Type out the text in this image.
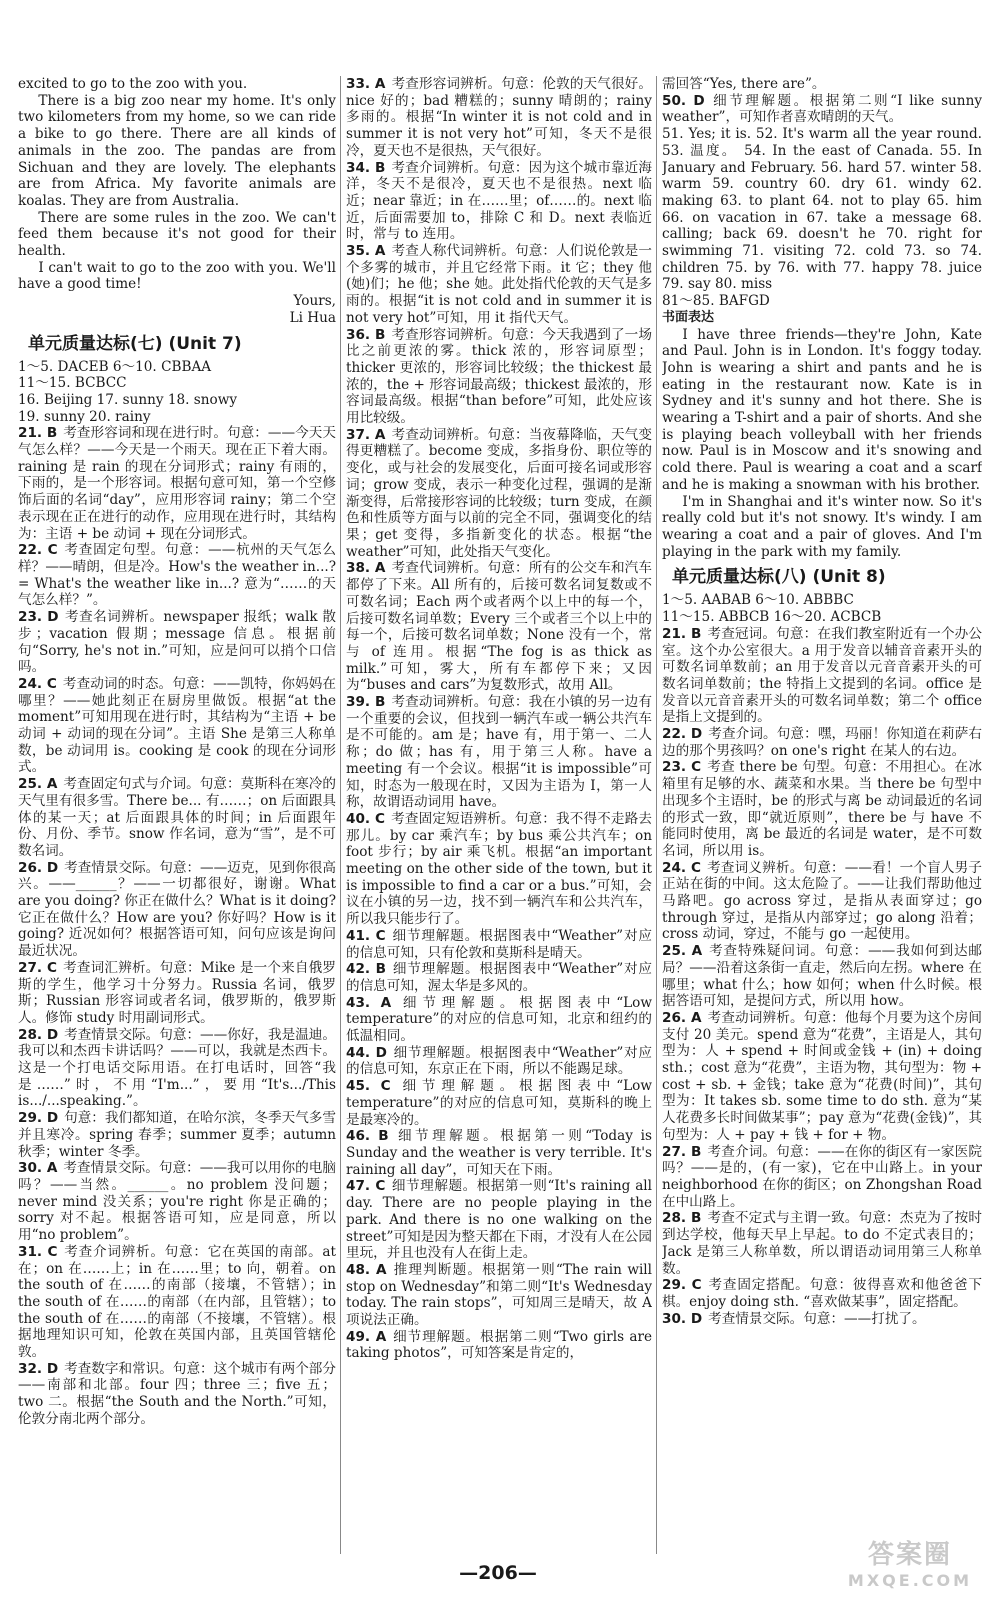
excited to go to the zoo with you.

There is a big zoo near my home. It's only two kilometers from my home, so we can ride a bike to go there. There are all kinds of animals in the zoo. The pandas are from Sichuan and they are lovely. The elephants are from Africa. My favorite animals are koalas. They are from Australia.

There are some rules in the zoo. We can't feed them because it's not good for their health.

I can't wait to go to the zoo with you. We'll have a good time!

Yours,

Li Hua

单元质量达标(七) (Unit 7)

1～5. DACEB 6～10. CBBAA

11～15. BCBCC

16. Beijing 17. sunny 18. snowy

19. sunny 20. rainy

21. B 考查形容词和现在进行时。句意：——今天天气怎么样？——今天是一个雨天。现在正下着大雨。raining 是 rain 的现在分词形式；rainy 有雨的，下雨的，是一个形容词。根据句意可知，第一个空修饰后面的名词“day”，应用形容词 rainy；第二个空表示现在正在进行的动作，应用现在进行时，其结构为：主语 + be 动词 + 现在分词形式。

22. C 考查固定句型。句意：——杭州的天气怎么样？——晴朗，但是冷。How's the weather in...? = What's the weather like in...? 意为“……的天气怎么样？”。

23. D 考查名词辨析。newspaper 报纸；walk 散步；vacation 假期；message 信息。根据前句“Sorry, he's not in.”可知，应是问可以捎个口信吗。

24. C 考查动词的时态。句意：——凯特，你妈妈在哪里？——她此刻正在厨房里做饭。根据“at the moment”可知用现在进行时，其结构为“主语 + be 动词 + 动词的现在分词”。主语 She 是第三人称单数，be 动词用 is。cooking 是 cook 的现在分词形式。

25. A 考查固定句式与介词。句意：莫斯科在寒冷的天气里有很多雪。There be... 有……；on 后面跟具体的某一天；at 后面跟具体的时间；in 后面跟年份、月份、季节。snow 作名词，意为“雪”，是不可数名词。

26. D 考查情景交际。句意：——迈克，见到你很高兴。——______？——一切都很好，谢谢。What are you doing? 你正在做什么？What is it doing? 它正在做什么？How are you? 你好吗？How is it going? 近况如何？根据答语可知，问句应该是询问最近状况。

27. C 考查词汇辨析。句意：Mike 是一个来自俄罗斯的学生，他学习十分努力。Russia 名词，俄罗斯；Russian 形容词或者名词，俄罗斯的，俄罗斯人。修饰 study 时用副词形式。

28. D 考查情景交际。句意：——你好，我是温迪。我可以和杰西卡讲话吗？——可以，我就是杰西卡。这是一个打电话交际用语。在打电话时，回答“我是……”时，不用“I'm...”，要用“It's.../This is.../...speaking.”。

29. D 句意：我们都知道，在哈尔滨，冬季天气多雪并且寒冷。spring 春季；summer 夏季；autumn 秋季；winter 冬季。

30. A 考查情景交际。句意：——我可以用你的电脑吗？——当然。______。no problem 没问题；never mind 没关系；you're right 你是正确的；sorry 对不起。根据答语可知，应是同意，所以用“no problem”。

31. C 考查介词辨析。句意：它在英国的南部。at 在；on 在……上；in 在……里；to 向，朝着。on the south of 在……的南部（接壤，不管辖）；in the south of 在……的南部（在内部，且管辖）；to the south of 在……的南部（不接壤，不管辖）。根据地理知识可知，伦敦在英国内部，且英国管辖伦敦。

32. D 考查数字和常识。句意：这个城市有两个部分——南部和北部。four 四；three 三；five 五；two 二。根据“the South and the North.”可知，伦敦分南北两个部分。

33. A 考查形容词辨析。句意：伦敦的天气很好。nice 好的；bad 糟糕的；sunny 晴朗的；rainy 多雨的。根据“In winter it is not cold and in summer it is not very hot”可知，冬天不是很冷，夏天也不是很热，天气很好。

34. B 考查介词辨析。句意：因为这个城市靠近海洋，冬天不是很冷，夏天也不是很热。next 临近；near 靠近；in 在……里；of……的。next 临近，后面需要加 to，排除 C 和 D。next 表临近时，常与 to 连用。

35. A 考查人称代词辨析。句意：人们说伦敦是一个多雾的城市，并且它经常下雨。it 它；they 他(她)们；he 他；she 她。此处指代伦敦的天气是多雨的。根据“it is not cold and in summer it is not very hot”可知，用 it 指代天气。

36. B 考查形容词辨析。句意：今天我遇到了一场比之前更浓的雾。thick 浓的，形容词原型；thicker 更浓的，形容词比较级；the thickest 最浓的，the + 形容词最高级；thickest 最浓的，形容词最高级。根据“than before”可知，此处应该用比较级。

37. A 考查动词辨析。句意：当夜幕降临，天气变得更糟糕了。become 变成，多指身份、职位等的变化，或与社会的发展变化，后面可接名词或形容词；grow 变成，表示一种变化过程，强调的是渐渐变得，后常接形容词的比较级；turn 变成，在颜色和性质等方面与以前的完全不同，强调变化的结果；get 变得，多指新变化的状态。根据“the weather”可知，此处指天气变化。

38. A 考查代词辨析。句意：所有的公交车和汽车都停了下来。All 所有的，后接可数名词复数或不可数名词；Each 两个或者两个以上中的每一个，后接可数名词单数；Every 三个或者三个以上中的每一个，后接可数名词单数；None 没有一个，常与 of 连用。根据“The fog is as thick as milk.”可知，雾大，所有车都停下来；又因为“buses and cars”为复数形式，故用 All。

39. B 考查动词辨析。句意：我在小镇的另一边有一个重要的会议，但找到一辆汽车或一辆公共汽车是不可能的。am 是；have 有，用于第一、二人称；do 做；has 有，用于第三人称。have a meeting 有一个会议。根据“it is impossible”可知，时态为一般现在时，又因为主语为 I，第一人称，故谓语动词用 have。

40. C 考查固定短语辨析。句意：我不得不走路去那儿。by car 乘汽车；by bus 乘公共汽车；on foot 步行；by air 乘飞机。根据“an important meeting on the other side of the town, but it is impossible to find a car or a bus.”可知，会议在小镇的另一边，找不到一辆汽车和公共汽车，所以我只能步行了。

41. C 细节理解题。根据图表中“Weather”对应的信息可知，只有伦敦和莫斯科是晴天。

42. B 细节理解题。根据图表中“Weather”对应的信息可知，渥太华是多风的。

43. A 细节理解题。根据图表中“Low temperature”的对应的信息可知，北京和纽约的低温相同。

44. D 细节理解题。根据图表中“Weather”对应的信息可知，东京正在下雨，所以不能踢足球。

45. C 细节理解题。根据图表中“Low temperature”的对应的信息可知，莫斯科的晚上是最寒冷的。

46. B 细节理解题。根据第一则“Today is Sunday and the weather is very terrible. It's raining all day”，可知天在下雨。

47. C 细节理解题。根据第一则“It's raining all day. There are no people playing in the park. And there is no one walking on the street”可知是因为整天都在下雨，才没有人在公园里玩，并且也没有人在街上走。

48. A 推理判断题。根据第一则“The rain will stop on Wednesday”和第二则“It's Wednesday today. The rain stops”，可知周三是晴天，故 A 项说法正确。

49. A 细节理解题。根据第二则“Two girls are taking photos”，可知答案是肯定的，

需回答“Yes, there are”。

50. D 细节理解题。根据第二则“I like sunny weather”，可知作者喜欢晴朗的天气。

51. Yes; it is. 52. It's warm all the year round. 53. 温度。 54. In the east of Canada. 55. In January and February. 56. hard 57. winter 58. warm 59. country 60. dry 61. windy 62. making 63. to plant 64. not to play 65. him 66. on vacation in 67. take a message 68. calling; back 69. doesn't he 70. right for swimming 71. visiting 72. cold 73. so 74. children 75. by 76. with 77. happy 78. juice 79. say 80. miss

81～85. BAFGD

书面表达

I have three friends—they're John, Kate and Paul. John is in London. It's foggy today. John is wearing a shirt and pants and he is eating in the restaurant now. Kate is in Sydney and it's sunny and hot there. She is wearing a T-shirt and a pair of shorts. And she is playing beach volleyball with her friends now. Paul is in Moscow and it's snowing and cold there. Paul is wearing a coat and a scarf and he is making a snowman with his brother.

I'm in Shanghai and it's winter now. So it's really cold but it's not snowy. It's windy. I am wearing a coat and a pair of gloves. And I'm playing in the park with my family.

单元质量达标(八) (Unit 8)

1～5. AABAB 6～10. ABBBC

11～15. ABBCB 16～20. ACBCB

21. B 考查冠词。句意：在我们教室附近有一个办公室。这个办公室很大。a 用于发音以辅音音素开头的可数名词单数前；an 用于发音以元音音素开头的可数名词单数前；the 特指上文提到的名词。office 是发音以元音音素开头的可数名词单数；第二个 office 是指上文提到的。

22. D 考查介词。句意：嘿，玛丽！你知道在莉萨右边的那个男孩吗？on one's right 在某人的右边。

23. C 考查 there be 句型。句意：不用担心。在冰箱里有足够的水、蔬菜和水果。当 there be 句型中出现多个主语时，be 的形式与离 be 动词最近的名词的形式一致，即“就近原则”，there be 与 have 不能同时使用，离 be 最近的名词是 water，是不可数名词，所以用 is。

24. C 考查词义辨析。句意：——看！一个盲人男子正站在街的中间。这太危险了。——让我们帮助他过马路吧。go across 穿过，是指从表面穿过；go through 穿过，是指从内部穿过；go along 沿着；cross 动词，穿过，不能与 go 一起使用。

25. A 考查特殊疑问词。句意：——我如何到达邮局？——沿着这条街一直走，然后向左拐。where 在哪里；what 什么；how 如何；when 什么时候。根据答语可知，是提问方式，所以用 how。

26. A 考查动词辨析。句意：他每个月要为这个房间支付 20 美元。spend 意为“花费”，主语是人，其句型为：人 + spend + 时间或金钱 + (in) + doing sth.；cost 意为“花费”，主语为物，其句型为：物 + cost + sb. + 金钱；take 意为“花费(时间)”，其句型为：It takes sb. some time to do sth. 意为“某人花费多长时间做某事”；pay 意为“花费(金钱)”，其句型为：人 + pay + 钱 + for + 物。

27. B 考查介词。句意：——在你的街区有一家医院吗？——是的，(有一家)，它在中山路上。in your neighborhood 在你的街区；on Zhongshan Road 在中山路上。

28. B 考查不定式与主谓一致。句意：杰克为了按时到达学校，他每天早上早起。to do 不定式表目的；Jack 是第三人称单数，所以谓语动词用第三人称单数。

29. C 考查固定搭配。句意：彼得喜欢和他爸爸下棋。enjoy doing sth. “喜欢做某事”，固定搭配。

30. D 考查情景交际。句意：——打扰了。

—206—
答案圈
MXQE.COM
